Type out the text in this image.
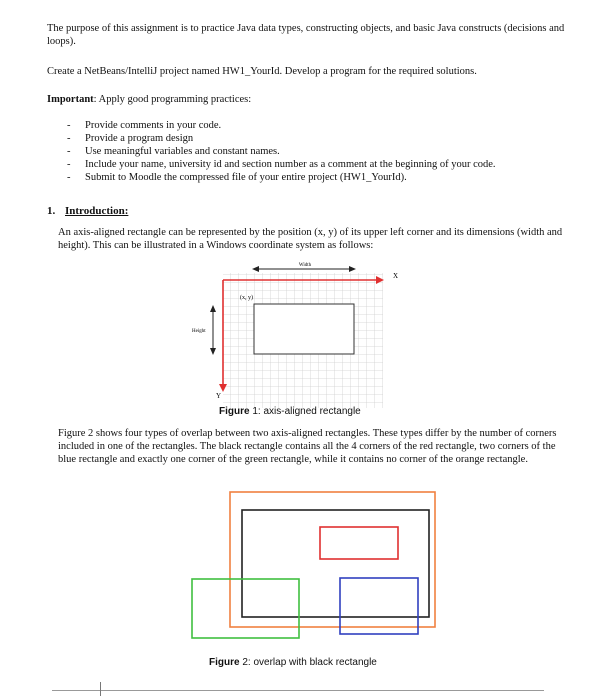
The purpose of this assignment is to practice Java data types, constructing objects, and basic Java constructs (decisions and loops).
Create a NetBeans/IntelliJ project named HW1_YourId. Develop a program for the required solutions.
Important: Apply good programming practices:
- Provide comments in your code.
- Provide a program design
- Use meaningful variables and constant names.
- Include your name, university id and section number as a comment at the beginning of your code.
- Submit to Moodle the compressed file of your entire project (HW1_YourId).
1. Introduction:
An axis-aligned rectangle can be represented by the position (x, y) of its upper left corner and its dimensions (width and height). This can be illustrated in a Windows coordinate system as follows:
Width
X
Y
(x, y)
Height
Figure 1: axis-aligned rectangle
Figure 2 shows four types of overlap between two axis-aligned rectangles. These types differ by the number of corners included in one of the rectangles. The black rectangle contains all the 4 corners of the red rectangle, two corners of the blue rectangle and exactly one corner of the green rectangle, while it contains no corner of the orange rectangle.
Figure 2: overlap with black rectangle
